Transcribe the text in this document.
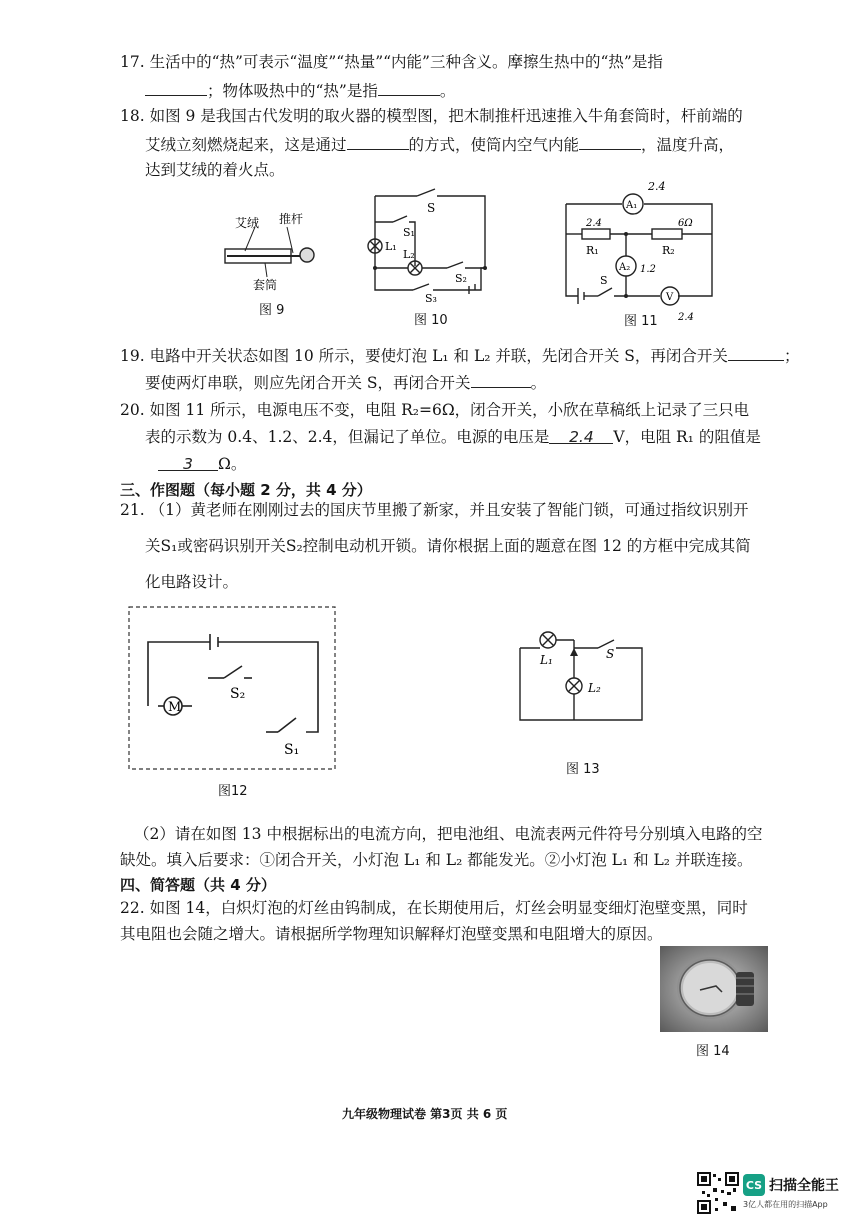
17. 生活中的“热”可表示“温度”“热量”“内能”三种含义。摩擦生热中的“热”是指
；物体吸热中的“热”是指	。
18. 如图 9 是我国古代发明的取火器的模型图，把木制推杆迅速推入牛角套筒时，杆前端的
艾绒立刻燃烧起来，这是通过	的方式，使筒内空气内能	，温度升高，
达到艾绒的着火点。
艾绒 推杆
套筒
图 9
S
S₁
L₁
L₂
S₂
S₃
图 10
A₁
A₂
V
R₁	R₂
S
2.4
2.4	6Ω
1.2
2.4
图 11
19. 电路中开关状态如图 10 所示，要使灯泡 L₁ 和 L₂ 并联，先闭合开关 S，再闭合开关	；
要使两灯串联，则应先闭合开关 S，再闭合开关	。
20. 如图 11 所示，电源电压不变，电阻 R₂=6Ω，闭合开关，小欣在草稿纸上记录了三只电
表的示数为 0.4、1.2、2.4，但漏记了单位。电源的电压是 2.4 V，电阻 R₁ 的阻值是
3 Ω。
三、作图题（每小题 2 分，共 4 分）
21. （1）黄老师在刚刚过去的国庆节里搬了新家，并且安装了智能门锁，可通过指纹识别开
关S₁或密码识别开关S₂控制电动机开锁。请你根据上面的题意在图 12 的方框中完成其简
化电路设计。
M
S₂
S₁
图12
L₁
L₂
S
图 13
（2）请在如图 13 中根据标出的电流方向，把电池组、电流表两元件符号分别填入电路的空
缺处。填入后要求：①闭合开关，小灯泡 L₁ 和 L₂ 都能发光。②小灯泡 L₁ 和 L₂ 并联连接。
四、简答题（共 4 分）
22. 如图 14，白炽灯泡的灯丝由钨制成，在长期使用后，灯丝会明显变细灯泡壁变黑，同时
其电阻也会随之增大。请根据所学物理知识解释灯泡壁变黑和电阻增大的原因。
图 14
九年级物理试卷 第3页 共 6 页
CS 扫描全能王
3亿人都在用的扫描App
